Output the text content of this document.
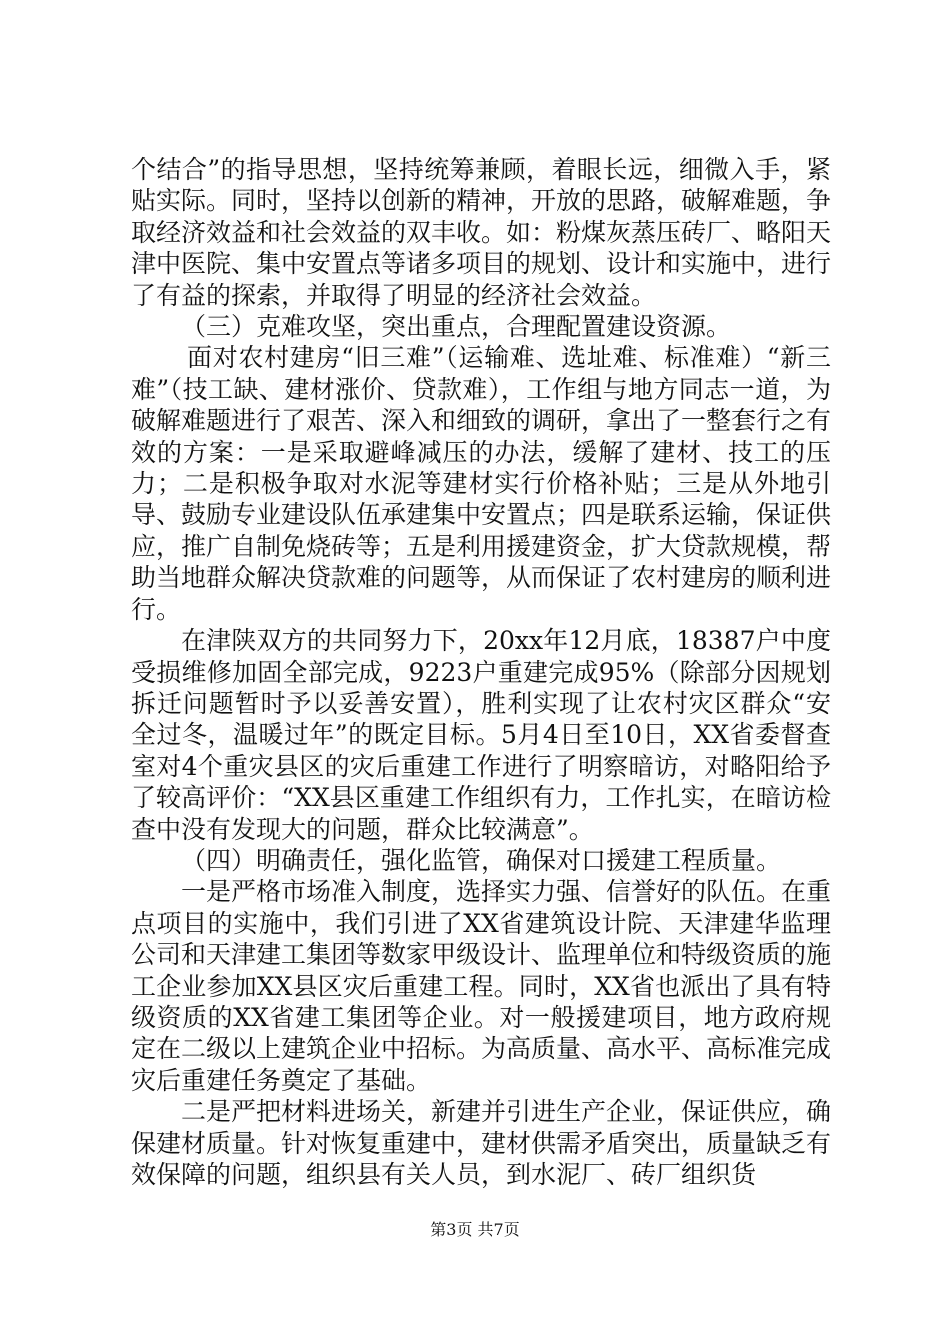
个结合”的指导思想，坚持统筹兼顾，着眼长远，细微入手，紧贴实际。同时，坚持以创新的精神，开放的思路，破解难题，争取经济效益和社会效益的双丰收。如：粉煤灰蒸压砖厂、略阳天津中医院、集中安置点等诸多项目的规划、设计和实施中，进行了有益的探索，并取得了明显的经济社会效益。

（三）克难攻坚，突出重点，合理配置建设资源。

面对农村建房“旧三难”（运输难、选址难、标准难）“新三难”（技工缺、建材涨价、贷款难），工作组与地方同志一道，为破解难题进行了艰苦、深入和细致的调研，拿出了一整套行之有效的方案：一是采取避峰减压的办法，缓解了建材、技工的压力；二是积极争取对水泥等建材实行价格补贴；三是从外地引导、鼓励专业建设队伍承建集中安置点；四是联系运输，保证供应，推广自制免烧砖等；五是利用援建资金，扩大贷款规模，帮助当地群众解决贷款难的问题等，从而保证了农村建房的顺利进行。

在津陕双方的共同努力下，20xx年12月底，18387户中度受损维修加固全部完成，9223户重建完成95%（除部分因规划拆迁问题暂时予以妥善安置），胜利实现了让农村灾区群众“安全过冬，温暖过年”的既定目标。5月4日至10日，XX省委督查室对4个重灾县区的灾后重建工作进行了明察暗访，对略阳给予了较高评价：“XX县区重建工作组织有力，工作扎实，在暗访检查中没有发现大的问题，群众比较满意”。

（四）明确责任，强化监管，确保对口援建工程质量。

一是严格市场准入制度，选择实力强、信誉好的队伍。在重点项目的实施中，我们引进了XX省建筑设计院、天津建华监理公司和天津建工集团等数家甲级设计、监理单位和特级资质的施工企业参加XX县区灾后重建工程。同时，XX省也派出了具有特级资质的XX省建工集团等企业。对一般援建项目，地方政府规定在二级以上建筑企业中招标。为高质量、高水平、高标准完成灾后重建任务奠定了基础。

二是严把材料进场关，新建并引进生产企业，保证供应，确保建材质量。针对恢复重建中，建材供需矛盾突出，质量缺乏有效保障的问题，组织县有关人员，到水泥厂、砖厂组织货

第3页 共7页
